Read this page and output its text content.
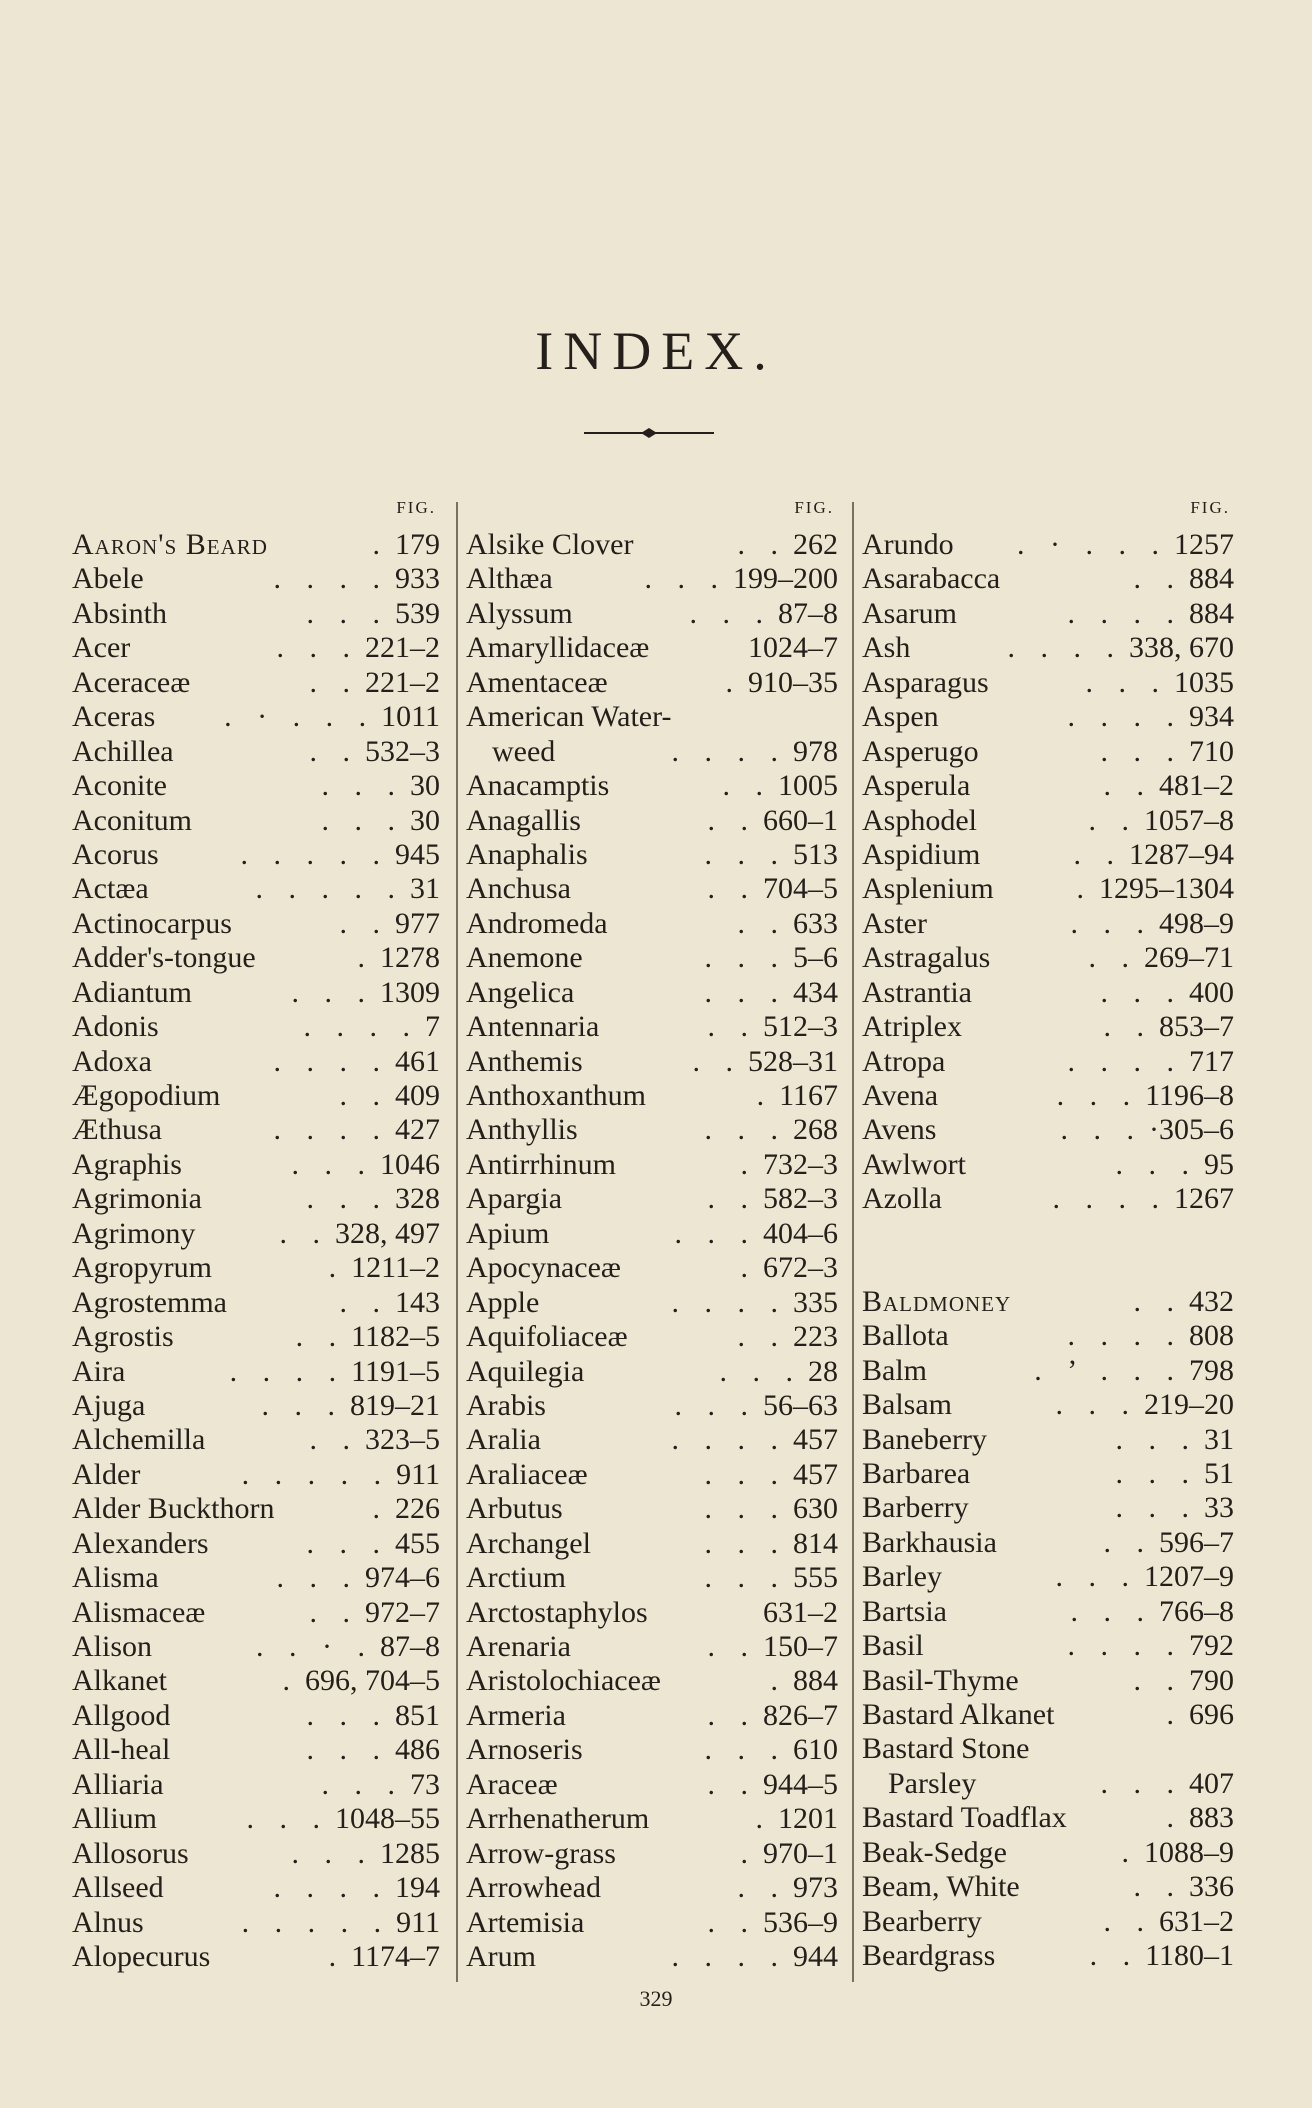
INDEX.
FIG.
Aaron's Beard	. 179
Abele	. . . . 933
Absinth	. . . 539
Acer	. . . 221–2
Aceraceæ	. . 221–2
Aceras	. · . . . 1011
Achillea	. . 532–3
Aconite	. . . 30
Aconitum	. . . 30
Acorus	. . . . . 945
Actæa	. . . . . 31
Actinocarpus	. . 977
Adder's-tongue	. 1278
Adiantum	. . . 1309
Adonis	. . . . 7
Adoxa	. . . . 461
Ægopodium	. . 409
Æthusa	. . . . 427
Agraphis	. . . 1046
Agrimonia	. . . 328
Agrimony	. . 328, 497
Agropyrum	. 1211–2
Agrostemma	. . 143
Agrostis	. . 1182–5
Aira	. . . . 1191–5
Ajuga	. . . 819–21
Alchemilla	. . 323–5
Alder	. . . . . 911
Alder Buckthorn	. 226
Alexanders	. . . 455
Alisma	. . . 974–6
Alismaceæ	. . 972–7
Alison	. . · . 87–8
Alkanet	. 696, 704–5
Allgood	. . . 851
All-heal	. . . 486
Alliaria	. . . 73
Allium	. . . 1048–55
Allosorus	. . . 1285
Allseed	. . . . 194
Alnus	. . . . . 911
Alopecurus	. 1174–7
FIG.
Alsike Clover	. . 262
Althæa	. . . 199–200
Alyssum	. . . 87–8
Amaryllidaceæ	1024–7
Amentaceæ	. 910–35
American Water-
weed	. . . . 978
Anacamptis	. . 1005
Anagallis	. . 660–1
Anaphalis	. . . 513
Anchusa	. . 704–5
Andromeda	. . 633
Anemone	. . . 5–6
Angelica	. . . 434
Antennaria	. . 512–3
Anthemis	. . 528–31
Anthoxanthum	. 1167
Anthyllis	. . . 268
Antirrhinum	. 732–3
Apargia	. . 582–3
Apium	. . . 404–6
Apocynaceæ	. 672–3
Apple	. . . . 335
Aquifoliaceæ	. . 223
Aquilegia	. . . 28
Arabis	. . . 56–63
Aralia	. . . . 457
Araliaceæ	. . . 457
Arbutus	. . . 630
Archangel	. . . 814
Arctium	. . . 555
Arctostaphylos	631–2
Arenaria	. . 150–7
Aristolochiaceæ	. 884
Armeria	. . 826–7
Arnoseris	. . . 610
Araceæ	. . 944–5
Arrhenatherum	. 1201
Arrow-grass	. 970–1
Arrowhead	. . 973
Artemisia	. . 536–9
Arum	. . . . 944
FIG.
Arundo	. · . . . 1257
Asarabacca	. . 884
Asarum	. . . . 884
Ash	. . . . 338, 670
Asparagus	. . . 1035
Aspen	. . . . 934
Asperugo	. . . 710
Asperula	. . 481–2
Asphodel	. . 1057–8
Aspidium	. . 1287–94
Asplenium	. 1295–1304
Aster	. . . 498–9
Astragalus	. . 269–71
Astrantia	. . . 400
Atriplex	. . 853–7
Atropa	. . . . 717
Avena	. . . 1196–8
Avens	. . . ·305–6
Awlwort	. . . 95
Azolla	. . . . 1267
Baldmoney	. . 432
Ballota	. . . . 808
Balm	. ’ . . . 798
Balsam	. . . 219–20
Baneberry	. . . 31
Barbarea	. . . 51
Barberry	. . . 33
Barkhausia	. . 596–7
Barley	. . . 1207–9
Bartsia	. . . 766–8
Basil	. . . . 792
Basil-Thyme	. . 790
Bastard Alkanet	. 696
Bastard Stone
Parsley	. . . 407
Bastard Toadflax	. 883
Beak-Sedge	. 1088–9
Beam, White	. . 336
Bearberry	. . 631–2
Beardgrass	. . 1180–1
329
